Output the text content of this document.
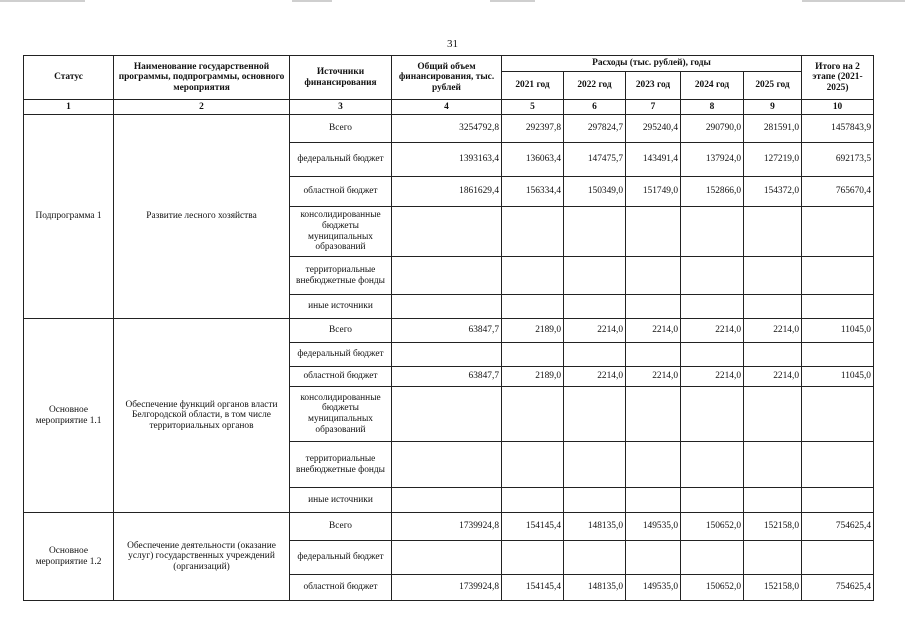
31
Статус	Наименование государственной программы, подпрограммы, основного мероприятия	Источники финансирования	Общий объем финансирования, тыс. рублей	Расходы (тыс. рублей), годы					Итого на 2 этапе (2021-2025)
				2021 год	2022 год	2023 год	2024 год	2025 год	
1	2	3	4	5	6	7	8	9	10
Подпрограмма 1	Развитие лесного хозяйства	Всего	3254792,8	292397,8	297824,7	295240,4	290790,0	281591,0	1457843,9
		федеральный бюджет	1393163,4	136063,4	147475,7	143491,4	137924,0	127219,0	692173,5
		областной бюджет	1861629,4	156334,4	150349,0	151749,0	152866,0	154372,0	765670,4
		консолидированные бюджеты муниципальных образований							
		территориальные внебюджетные фонды							
		иные источники							
Основное мероприятие 1.1	Обеспечение функций органов власти Белгородской области, в том числе территориальных органов	Всего	63847,7	2189,0	2214,0	2214,0	2214,0	2214,0	11045,0
		федеральный бюджет							
		областной бюджет	63847,7	2189,0	2214,0	2214,0	2214,0	2214,0	11045,0
		консолидированные бюджеты муниципальных образований							
		территориальные внебюджетные фонды							
		иные источники							
Основное мероприятие 1.2	Обеспечение деятельности (оказание услуг) государственных учреждений (организаций)	Всего	1739924,8	154145,4	148135,0	149535,0	150652,0	152158,0	754625,4
		федеральный бюджет							
		областной бюджет	1739924,8	154145,4	148135,0	149535,0	150652,0	152158,0	754625,4
